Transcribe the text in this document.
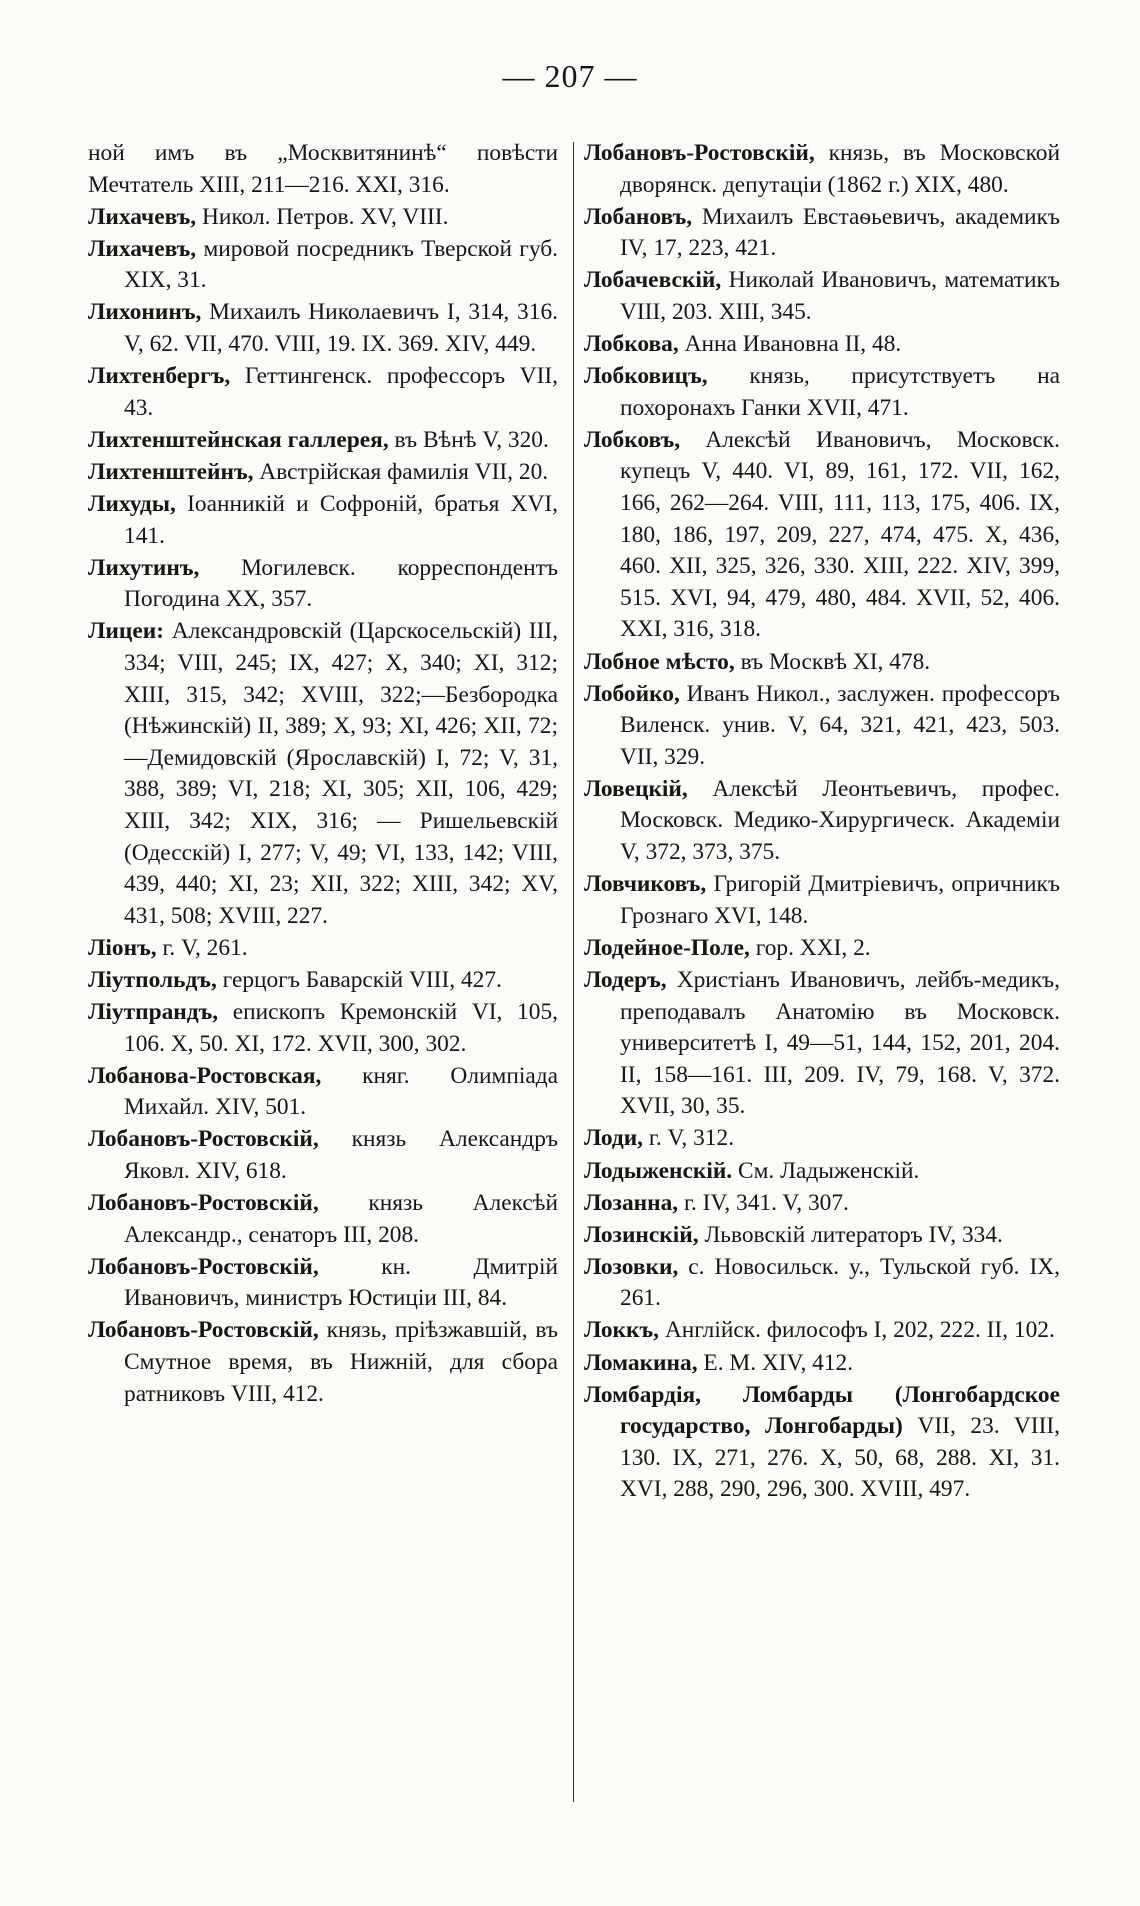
— 207 —
ной имъ въ „Москвитянинѣ“ повѣсти Мечтатель XIII, 211—216. XXI, 316.
Лихачевъ, Никол. Петров. XV, VIII.
Лихачевъ, мировой посредникъ Тверской губ. XIX, 31.
Лихонинъ, Михаилъ Николаевичъ I, 314, 316. V, 62. VII, 470. VIII, 19. IX. 369. XIV, 449.
Лихтенбергъ, Геттингенск. профессоръ VII, 43.
Лихтенштейнская галлерея, въ Вѣнѣ V, 320.
Лихтенштейнъ, Австрійская фамилія VII, 20.
Лихуды, Іоанникій и Софроній, братья XVI, 141.
Лихутинъ, Могилевск. корреспондентъ Погодина XX, 357.
Лицеи: Александровскій (Царскосельскій) III, 334; VIII, 245; IX, 427; X, 340; XI, 312; XIII, 315, 342; XVIII, 322;—Безбородка (Нѣжинскій) II, 389; X, 93; XI, 426; XII, 72;—Демидовскій (Ярославскій) I, 72; V, 31, 388, 389; VI, 218; XI, 305; XII, 106, 429; XIII, 342; XIX, 316; — Ришельевскій (Одесскій) I, 277; V, 49; VI, 133, 142; VIII, 439, 440; XI, 23; XII, 322; XIII, 342; XV, 431, 508; XVIII, 227.
Ліонъ, г. V, 261.
Ліутпольдъ, герцогъ Баварскій VIII, 427.
Ліутпрандъ, епископъ Кремонскій VI, 105, 106. X, 50. XI, 172. XVII, 300, 302.
Лобанова-Ростовская, княг. Олимпіада Михайл. XIV, 501.
Лобановъ-Ростовскій, князь Александръ Яковл. XIV, 618.
Лобановъ-Ростовскій, князь Алексѣй Александр., сенаторъ III, 208.
Лобановъ-Ростовскій,	кн. Дмитрій Ивановичъ, министръ Юстиціи III, 84.
Лобановъ-Ростовскій, князь, пріѣзжавшій, въ Смутное время, въ Нижній, для сбора ратниковъ VIII, 412.
Лобановъ-Ростовскій, князь, въ Московской дворянск. депутаціи (1862 г.) XIX, 480.
Лобановъ, Михаилъ Евстаѳьевичъ, академикъ IV, 17, 223, 421.
Лобачевскій, Николай Ивановичъ, математикъ VIII, 203. XIII, 345.
Лобкова, Анна Ивановна II, 48.
Лобковицъ, князь, присутствуетъ на похоронахъ Ганки XVII, 471.
Лобковъ, Алексѣй Ивановичъ, Московск. купецъ V, 440. VI, 89, 161, 172. VII, 162, 166, 262—264. VIII, 111, 113, 175, 406. IX, 180, 186, 197, 209, 227, 474, 475. X, 436, 460. XII, 325, 326, 330. XIII, 222. XIV, 399, 515. XVI, 94, 479, 480, 484. XVII, 52, 406. XXI, 316, 318.
Лобное мѣсто, въ Москвѣ XI, 478.
Лобойко, Иванъ Никол., заслужен. профессоръ Виленск. унив. V, 64, 321, 421, 423, 503. VII, 329.
Ловецкій, Алексѣй Леонтьевичъ, профес. Московск. Медико-Хирургическ. Академіи V, 372, 373, 375.
Ловчиковъ, Григорій Дмитріевичъ, опричникъ Грознаго XVI, 148.
Лодейное-Поле, гор. XXI, 2.
Лодеръ, Христіанъ Ивановичъ, лейбъ-медикъ, преподавалъ Анатомію въ Московск. университетѣ I, 49—51, 144, 152, 201, 204. II, 158—161. III, 209. IV, 79, 168. V, 372. XVII, 30, 35.
Лоди, г. V, 312.
Лодыженскій. См. Ладыженскій.
Лозанна, г. IV, 341. V, 307.
Лозинскій, Львовскій литераторъ IV, 334.
Лозовки, с. Новосильск. у., Тульской губ. IX, 261.
Локкъ, Англійск. философъ I, 202, 222. II, 102.
Ломакина, Е. М. XIV, 412.
Ломбардія, Ломбарды (Лонгобардское государство, Лонгобарды) VII, 23. VIII, 130. IX, 271, 276. X, 50, 68, 288. XI, 31. XVI, 288, 290, 296, 300. XVIII, 497.
